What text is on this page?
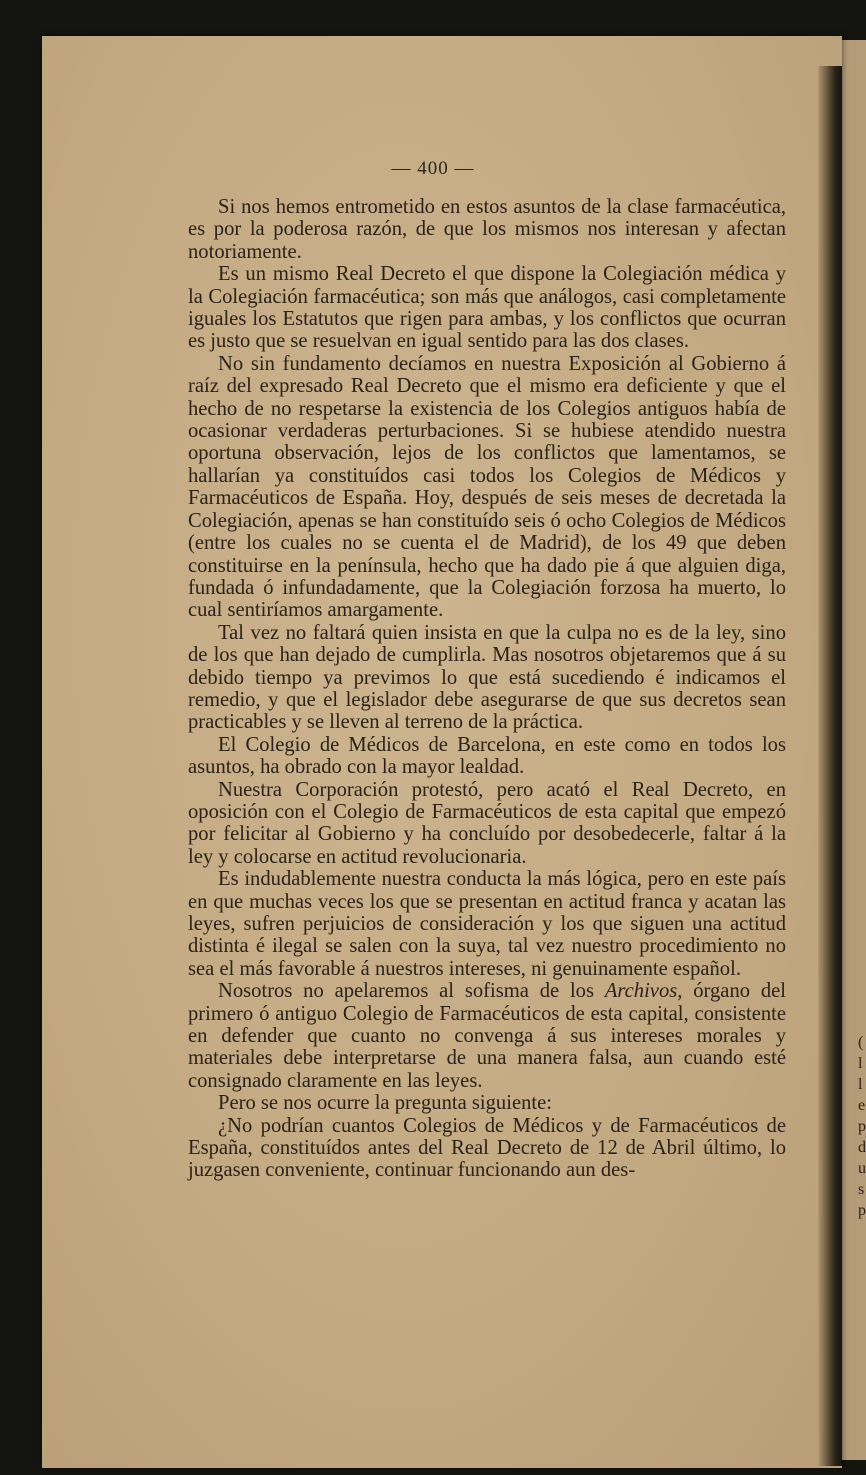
(
l
l
e
p
d
u
s
p
— 400 —

Si nos hemos entrometido en estos asuntos de la clase farmacéutica, es por la poderosa razón, de que los mismos nos interesan y afectan notoriamente.

Es un mismo Real Decreto el que dispone la Colegiación médica y la Colegiación farmacéutica; son más que análogos, casi completamente iguales los Estatutos que rigen para ambas, y los conflictos que ocurran es justo que se resuelvan en igual sentido para las dos clases.

No sin fundamento decíamos en nuestra Exposición al Gobierno á raíz del expresado Real Decreto que el mismo era deficiente y que el hecho de no respetarse la existencia de los Colegios antiguos había de ocasionar verdaderas perturbaciones. Si se hubiese atendido nuestra oportuna observación, lejos de los conflictos que lamentamos, se hallarían ya constituídos casi todos los Colegios de Médicos y Farmacéuticos de España. Hoy, después de seis meses de decretada la Colegiación, apenas se han constituído seis ó ocho Colegios de Médicos (entre los cuales no se cuenta el de Madrid), de los 49 que deben constituirse en la península, hecho que ha dado pie á que alguien diga, fundada ó infundadamente, que la Colegiación forzosa ha muerto, lo cual sentiríamos amargamente.

Tal vez no faltará quien insista en que la culpa no es de la ley, sino de los que han dejado de cumplirla. Mas nosotros objetaremos que á su debido tiempo ya previmos lo que está sucediendo é indicamos el remedio, y que el legislador debe asegurarse de que sus decretos sean practicables y se lleven al terreno de la práctica.

El Colegio de Médicos de Barcelona, en este como en todos los asuntos, ha obrado con la mayor lealdad.

Nuestra Corporación protestó, pero acató el Real Decreto, en oposición con el Colegio de Farmacéuticos de esta capital que empezó por felicitar al Gobierno y ha concluído por desobedecerle, faltar á la ley y colocarse en actitud revolucionaria.

Es indudablemente nuestra conducta la más lógica, pero en este país en que muchas veces los que se presentan en actitud franca y acatan las leyes, sufren perjuicios de consideración y los que siguen una actitud distinta é ilegal se salen con la suya, tal vez nuestro procedimiento no sea el más favorable á nuestros intereses, ni genuinamente español.

Nosotros no apelaremos al sofisma de los Archivos, órgano del primero ó antiguo Colegio de Farmacéuticos de esta capital, consistente en defender que cuanto no convenga á sus intereses morales y materiales debe interpretarse de una manera falsa, aun cuando esté consignado claramente en las leyes.

Pero se nos ocurre la pregunta siguiente:

¿No podrían cuantos Colegios de Médicos y de Farmacéuticos de España, constituídos antes del Real Decreto de 12 de Abril último, lo juzgasen conveniente, continuar funcionando aun des-
